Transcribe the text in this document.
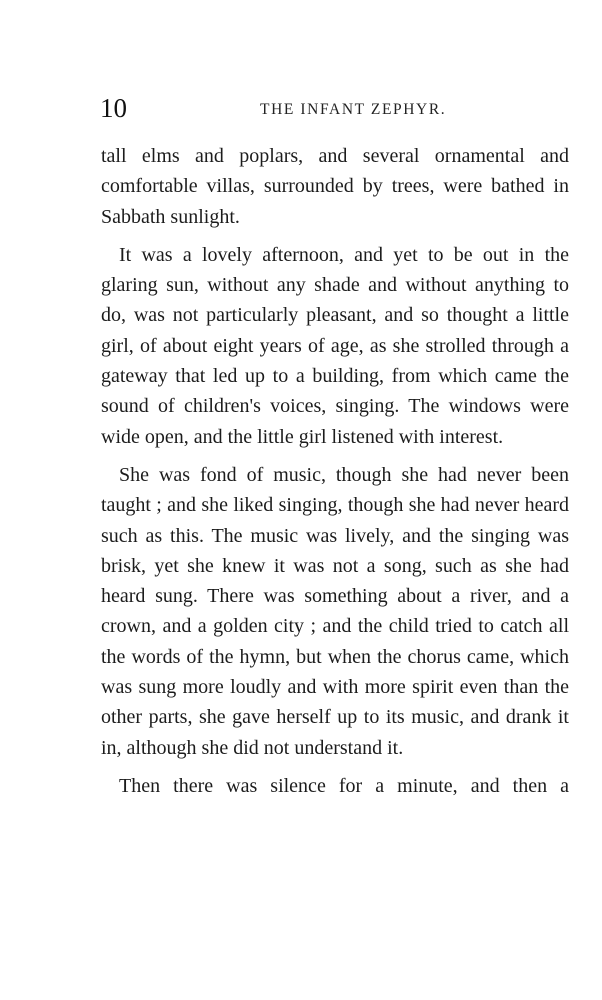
10	THE INFANT ZEPHYR.

tall elms and poplars, and several ornamental and comfortable villas, surrounded by trees, were bathed in Sabbath sunlight.

It was a lovely afternoon, and yet to be out in the glaring sun, without any shade and without anything to do, was not particularly pleasant, and so thought a little girl, of about eight years of age, as she strolled through a gateway that led up to a building, from which came the sound of children's voices, singing. The windows were wide open, and the little girl listened with interest.

She was fond of music, though she had never been taught ; and she liked singing, though she had never heard such as this. The music was lively, and the singing was brisk, yet she knew it was not a song, such as she had heard sung. There was something about a river, and a crown, and a golden city ; and the child tried to catch all the words of the hymn, but when the chorus came, which was sung more loudly and with more spirit even than the other parts, she gave herself up to its music, and drank it in, although she did not understand it.

Then there was silence for a minute, and then a
